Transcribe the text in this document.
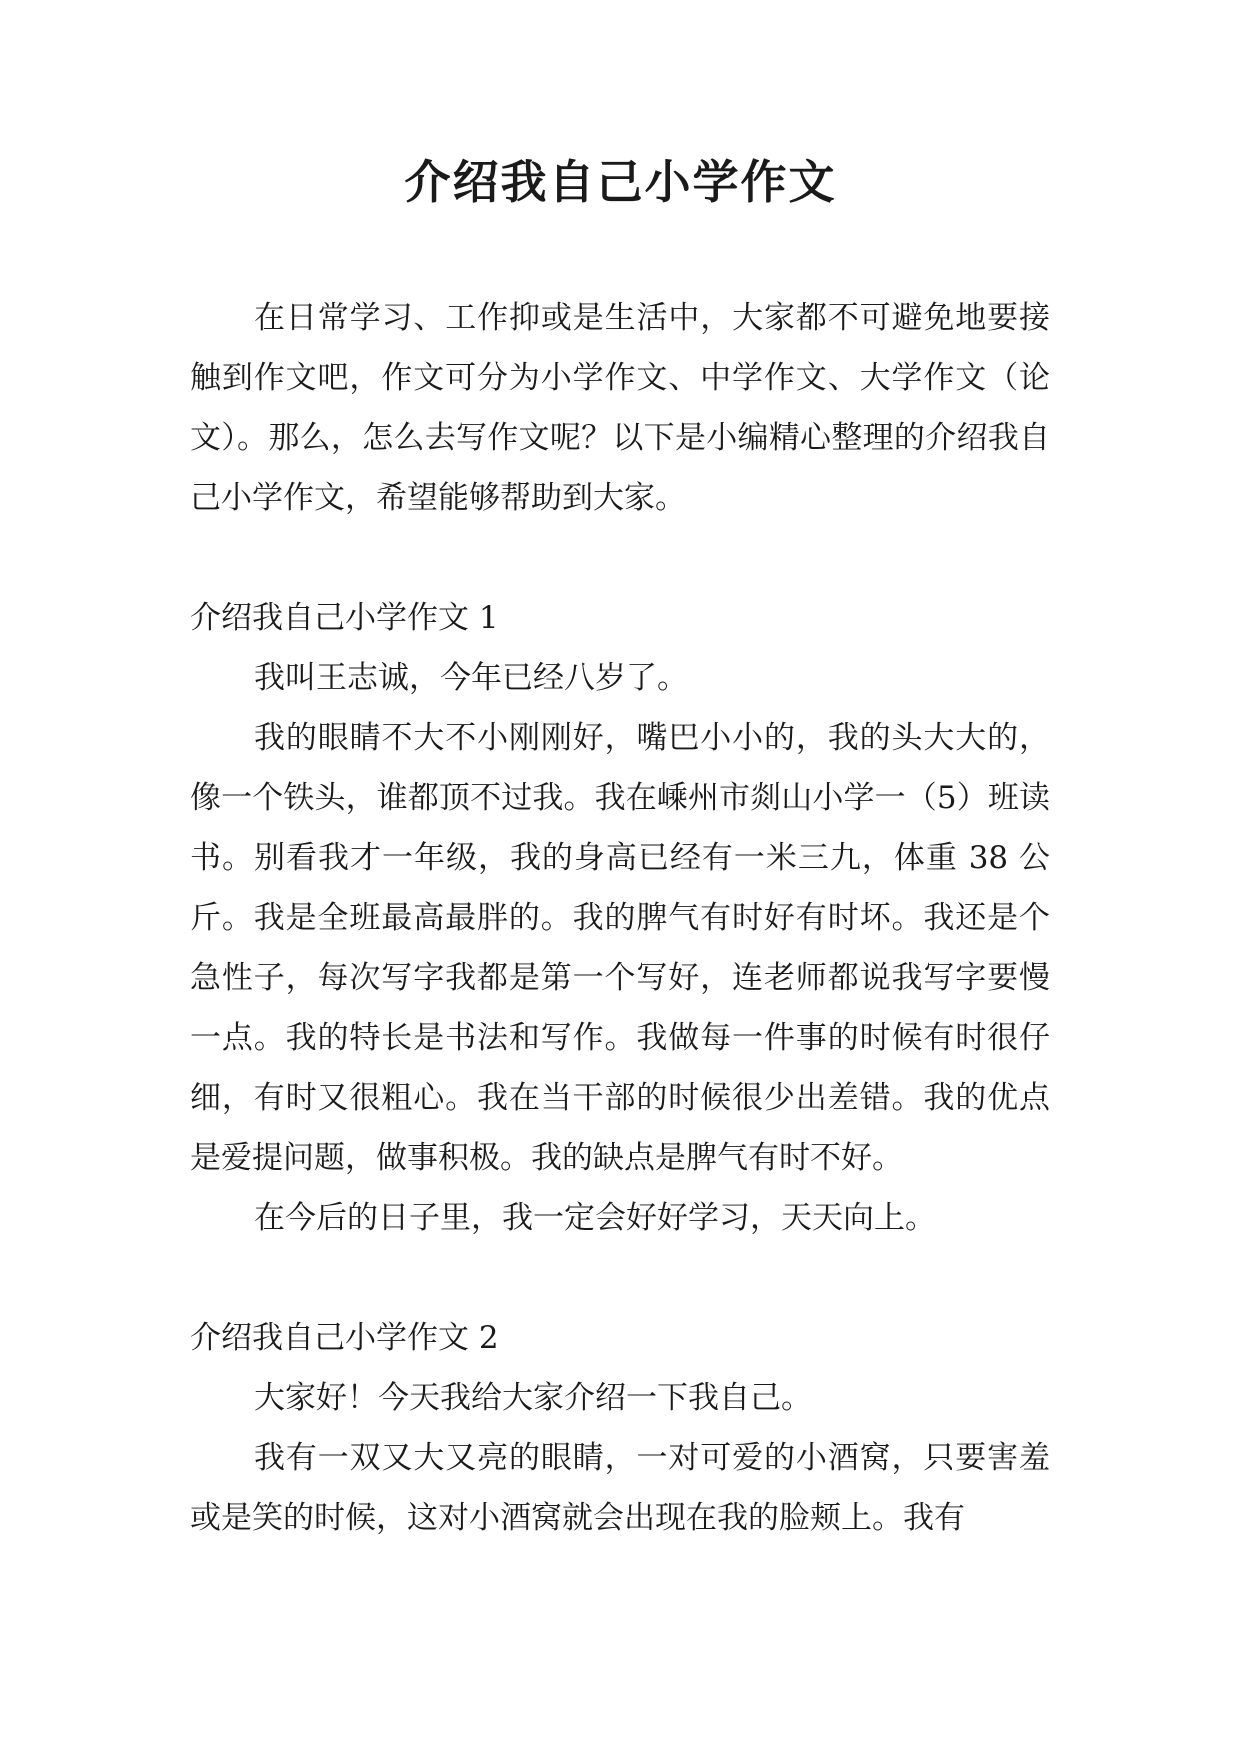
介绍我自己小学作文

在日常学习、工作抑或是生活中，大家都不可避免地要接触到作文吧，作文可分为小学作文、中学作文、大学作文（论文）。那么，怎么去写作文呢？以下是小编精心整理的介绍我自己小学作文，希望能够帮助到大家。

介绍我自己小学作文 1

我叫王志诚，今年已经八岁了。

我的眼睛不大不小刚刚好，嘴巴小小的，我的头大大的，像一个铁头，谁都顶不过我。我在嵊州市剡山小学一（5）班读书。别看我才一年级，我的身高已经有一米三九，体重 38 公斤。我是全班最高最胖的。我的脾气有时好有时坏。我还是个急性子，每次写字我都是第一个写好，连老师都说我写字要慢一点。我的特长是书法和写作。我做每一件事的时候有时很仔细，有时又很粗心。我在当干部的时候很少出差错。我的优点是爱提问题，做事积极。我的缺点是脾气有时不好。

在今后的日子里，我一定会好好学习，天天向上。

介绍我自己小学作文 2

大家好！今天我给大家介绍一下我自己。

我有一双又大又亮的眼睛，一对可爱的小酒窝，只要害羞或是笑的时候，这对小酒窝就会出现在我的脸颊上。我有
